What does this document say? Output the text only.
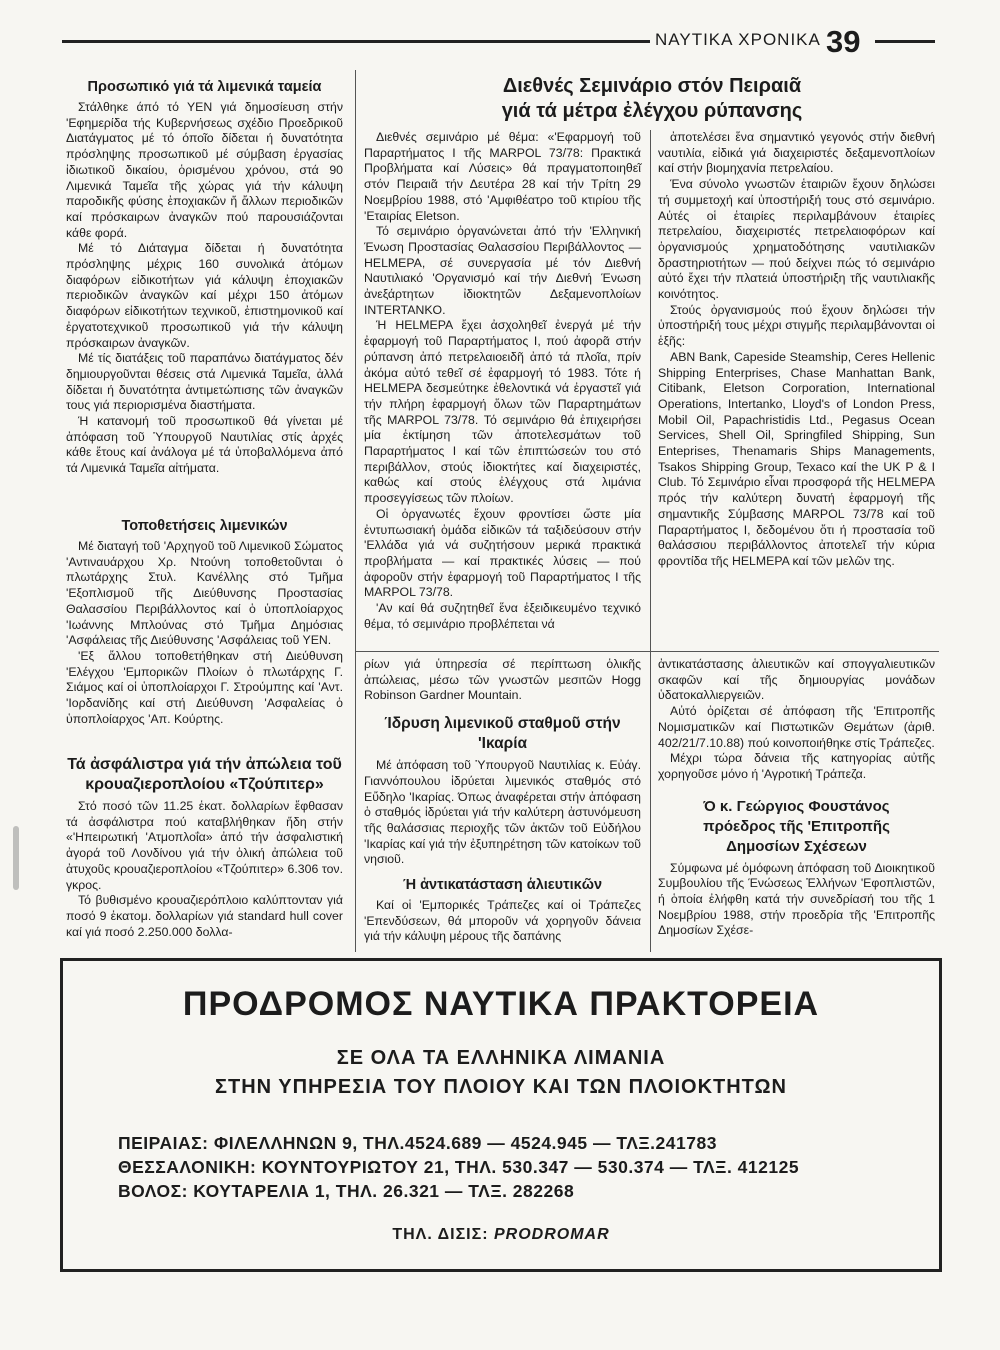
ΝΑΥΤΙΚΑ ΧΡΟΝΙΚΑ 39
Προσωπικό γιά τά λιμενικά ταμεία

Στάλθηκε άπό τό ΥΕΝ γιά δημοσίευση στήν 'Εφημερίδα τής Κυβερνήσεως σχέδιο Προεδρικοῦ Διατάγματος μέ τό όποῖο δίδεται ή δυνατότητα πρόσληψης προσωπικοῦ μέ σύμβαση ἐργασίας ἰδιωτικοῦ δικαίου, ὁρισμένου χρόνου, στά 90 Λιμενικά Ταμεῖα τῆς χώρας γιά τήν κάλυψη παροδικῆς φύσης ἐποχιακῶν ἤ ἄλλων περιοδικῶν καί πρόσκαιρων ἀναγκῶν πού παρουσιάζονται κάθε φορά.

Μέ τό Διάταγμα δίδεται ή δυνατότητα πρόσληψης μέχρις 160 συνολικά ἀτόμων διαφόρων εἰδικοτήτων γιά κάλυψη ἐποχιακῶν περιοδικῶν ἀναγκῶν καί μέχρι 150 ἀτόμων διαφόρων εἰδικοτήτων τεχνικοῦ, ἐπιστημονικοῦ καί ἐργατοτεχνικοῦ προσωπικοῦ γιά τήν κάλυψη πρόσκαιρων ἀναγκῶν.

Μέ τίς διατάξεις τοῦ παραπάνω διατάγματος δέν δημιουργοῦνται θέσεις στά Λιμενικά Ταμεῖα, ἀλλά δίδεται ή δυνατότητα ἀντιμετώπισης τῶν ἀναγκῶν τους γιά περιορισμένα διαστήματα.

Ή κατανομή τοῦ προσωπικοῦ θά γίνεται μέ ἀπόφαση τοῦ Ὑπουργοῦ Ναυτιλίας στίς ἀρχές κάθε ἔτους καί ἀνάλογα μέ τά ὑποβαλλόμενα ἀπό τά Λιμενικά Ταμεῖα αἰτήματα.

Τοποθετήσεις λιμενικών

Μέ διαταγή τοῦ 'Αρχηγοῦ τοῦ Λιμενικοῦ Σώματος 'Αντιναυάρχου Χρ. Ντούνη τοποθετοῦνται ὁ πλωτάρχης Στυλ. Κανέλλης στό Τμῆμα 'Εξοπλισμοῦ τῆς Διεύθυνσης Προστασίας Θαλασσίου Περιβάλλοντος καί ὁ ὑποπλοίαρχος 'Ιωάννης Μπλούνας στό Τμῆμα Δημόσιας 'Ασφάλειας τῆς Διεύθυνσης 'Ασφάλειας τοῦ ΥΕΝ.

'Εξ ἄλλου τοποθετήθηκαν στή Διεύθυνση 'Ελέγχου 'Εμπορικῶν Πλοίων ὁ πλωτάρχης Γ. Σιάμος καί οἱ ὑποπλοίαρχοι Γ. Στρούμπης καί 'Αντ. 'Ιορδανίδης καί στή Διεύθυνση 'Ασφαλείας ὁ ὑποπλοίαρχος 'Απ. Κούρτης.

Τά ἀσφάλιστρα γιά τήν ἀπώλεια τοῦ κρουαζιεροπλοίου «Τζούπιτερ»

Στό ποσό τῶν 11.25 ἑκατ. δολλαρίων ἔφθασαν τά ἀσφάλιστρα πού καταβλήθηκαν ἤδη στήν «'Ηπειρωτική 'Ατμοπλοΐα» ἀπό τήν ἀσφαλιστική ἀγορά τοῦ Λονδίνου γιά τήν ὁλική ἀπώλεια τοῦ ἀτυχοῦς κρουαζιεροπλοίου «Τζούπιτερ» 6.306 τον. γκρος.

Τό βυθισμένο κρουαζιερόπλοιο καλύπτονταν γιά ποσό 9 ἑκατομ. δολλαρίων γιά standard hull cover καί γιά ποσό 2.250.000 δολλα-

Διεθνές Σεμινάριο στόν Πειραιᾶ
γιά τά μέτρα ἐλέγχου ρύπανσης

Διεθνές σεμινάριο μέ θέμα: «'Εφαρμογή τοῦ Παραρτήματος Ι τῆς MARPOL 73/78: Πρακτικά Προβλήματα καί Λύσεις» θά πραγματοποιηθεῖ στόν Πειραιᾶ τήν Δευτέρα 28 καί τήν Τρίτη 29 Νοεμβρίου 1988, στό 'Αμφιθέατρο τοῦ κτιρίου τῆς 'Εταιρίας Eletson.

Τό σεμινάριο ὀργανώνεται ἀπό τήν 'Ελληνική Ένωση Προστασίας Θαλασσίου Περιβάλλοντος — HELMEPA, σέ συνεργασία μέ τόν Διεθνή Ναυτιλιακό 'Οργανισμό καί τήν Διεθνή Ένωση ἀνεξάρτητων ἰδιοκτητῶν Δεξαμενοπλοίων INTERTANKO.

Ή HELMEPA ἔχει ἀσχοληθεῖ ἐνεργά μέ τήν ἐφαρμογή τοῦ Παραρτήματος Ι, πού ἀφορᾶ στήν ρύπανση ἀπό πετρελαιοειδῆ ἀπό τά πλοῖα, πρίν ἀκόμα αὐτό τεθεῖ σέ ἐφαρμογή τό 1983. Τότε ή HELMEPA δεσμεύτηκε ἐθελοντικά νά ἐργαστεῖ γιά τήν πλήρη ἐφαρμογή ὅλων τῶν Παραρτημάτων τῆς MARPOL 73/78. Τό σεμινάριο θά ἐπιχειρήσει μία ἐκτίμηση τῶν ἀποτελεσμάτων τοῦ Παραρτήματος Ι καί τῶν ἐπιπτώσεών του στό περιβάλλον, στούς ἰδιοκτήτες καί διαχειριστές, καθώς καί στούς ἐλέγχους στά λιμάνια προσεγγίσεως τῶν πλοίων.

Οἱ ὀργανωτές ἔχουν φροντίσει ὥστε μία ἐντυπωσιακή ὁμάδα εἰδικῶν τά ταξιδεύσουν στήν 'Ελλάδα γιά νά συζητήσουν μερικά πρακτικά προβλήματα — καί πρακτικές λύσεις — πού ἀφοροῦν στήν ἐφαρμογή τοῦ Παραρτήματος Ι τῆς MARPOL 73/78.

'Αν καί θά συζητηθεῖ ἕνα ἐξειδικευμένο τεχνικό θέμα, τό σεμινάριο προβλέπεται νά

ἀποτελέσει ἕνα σημαντικό γεγονός στήν διεθνή ναυτιλία, εἰδικά γιά διαχειριστές δεξαμενοπλοίων καί στήν βιομηχανία πετρελαίου.

Ένα σύνολο γνωστῶν ἑταιριῶν ἔχουν δηλώσει τή συμμετοχή καί ὑποστήριξή τους στό σεμινάριο. Αὐτές οἱ ἑταιρίες περιλαμβάνουν ἑταιρίες πετρελαίου, διαχειριστές πετρελαιοφόρων καί ὀργανισμούς χρηματοδότησης ναυτιλιακῶν δραστηριοτήτων — πού δείχνει πώς τό σεμινάριο αὐτό ἔχει τήν πλατειά ὑποστήριξη τῆς ναυτιλιακῆς κοινότητος.

Στούς ὀργανισμούς πού ἔχουν δηλώσει τήν ὑποστήριξή τους μέχρι στιγμῆς περιλαμβάνονται οἱ ἑξῆς:

ABN Bank, Capeside Steamship, Ceres Hellenic Shipping Enterprises, Chase Manhattan Bank, Citibank, Eletson Corporation, International Operations, Intertanko, Lloyd's of London Press, Mobil Oil, Papachristidis Ltd., Pegasus Ocean Services, Shell Oil, Springfiled Shipping, Sun Enteprises, Thenamaris Ships Managements, Tsakos Shipping Group, Texaco καί the UK P & I Club. Τό Σεμινάριο εἶναι προσφορά τῆς HELMEPA πρός τήν καλύτερη δυνατή ἐφαρμογή τῆς σημαντικῆς Σύμβασης MARPOL 73/78 καί τοῦ Παραρτήματος Ι, δεδομένου ὅτι ή προστασία τοῦ θαλάσσιου περιβάλλοντος ἀποτελεῖ τήν κύρια φροντίδα τῆς HELMEPA καί τῶν μελῶν της.

ρίων γιά ὑπηρεσία σέ περίπτωση ὁλικῆς ἀπώλειας, μέσω τῶν γνωστῶν μεσιτῶν Hogg Robinson Gardner Mountain.

Ίδρυση λιμενικοῦ σταθμοῦ στήν 'Ικαρία

Μέ ἀπόφαση τοῦ Ὑπουργοῦ Ναυτιλίας κ. Εὐάγ. Γιαννόπουλου ἱδρύεται λιμενικός σταθμός στό Εὔδηλο 'Ικαρίας. Όπως ἀναφέρεται στήν ἀπόφαση ὁ σταθμός ἱδρύεται γιά τήν καλύτερη ἀστυνόμευση τῆς θαλάσσιας περιοχῆς τῶν ἀκτῶν τοῦ Εὐδήλου 'Ικαρίας καί γιά τήν ἐξυπηρέτηση τῶν κατοίκων τοῦ νησιοῦ.

Ή ἀντικατάσταση ἁλιευτικῶν

Καί οἱ 'Εμπορικές Τράπεζες καί οἱ Τράπεζες 'Επενδύσεων, θά μποροῦν νά χορηγοῦν δάνεια γιά τήν κάλυψη μέρους τῆς δαπάνης

ἀντικατάστασης ἁλιευτικῶν καί σπογγαλιευτικῶν σκαφῶν καί τῆς δημιουργίας μονάδων ὑδατοκαλλιεργειῶν.

Αὐτό ὁρίζεται σέ ἀπόφαση τῆς 'Επιτροπῆς Νομισματικῶν καί Πιστωτικῶν Θεμάτων (ἀριθ. 402/21/7.10.88) πού κοινοποιήθηκε στίς Τράπεζες.

Μέχρι τώρα δάνεια τῆς κατηγορίας αὐτῆς χορηγοῦσε μόνο ή 'Αγροτική Τράπεζα.

Ό κ. Γεώργιος Φουστάνος πρόεδρος τῆς 'Επιτροπῆς Δημοσίων Σχέσεων

Σύμφωνα μέ ὁμόφωνη ἀπόφαση τοῦ Διοικητικοῦ Συμβουλίου τῆς Ένώσεως Ἑλλήνων 'Εφοπλιστῶν, ή ὁποία ἐλήφθη κατά τήν συνεδρίασή του τῆς 1 Νοεμβρίου 1988, στήν προεδρία τῆς 'Επιτροπῆς Δημοσίων Σχέσε-

ΠΡΟΔΡΟΜΟΣ ΝΑΥΤΙΚΑ ΠΡΑΚΤΟΡΕΙΑ
ΣΕ ΟΛΑ ΤΑ ΕΛΛΗΝΙΚΑ ΛΙΜΑΝΙΑ
ΣΤΗΝ ΥΠΗΡΕΣΙΑ ΤΟΥ ΠΛΟΙΟΥ ΚΑΙ ΤΩΝ ΠΛΟΙΟΚΤΗΤΩΝ
ΠΕΙΡΑΙΑΣ: ΦΙΛΕΛΛΗΝΩΝ 9, ΤΗΛ.4524.689 — 4524.945 — ΤΛΞ.241783
ΘΕΣΣΑΛΟΝΙΚΗ: ΚΟΥΝΤΟΥΡΙΩΤΟΥ 21, ΤΗΛ. 530.347 — 530.374 — ΤΛΞ. 412125
ΒΟΛΟΣ: ΚΟΥΤΑΡΕΛΙΑ 1, ΤΗΛ. 26.321 — ΤΛΞ. 282268
ΤΗΛ. ΔΙΣΙΣ: PRODROMAR
